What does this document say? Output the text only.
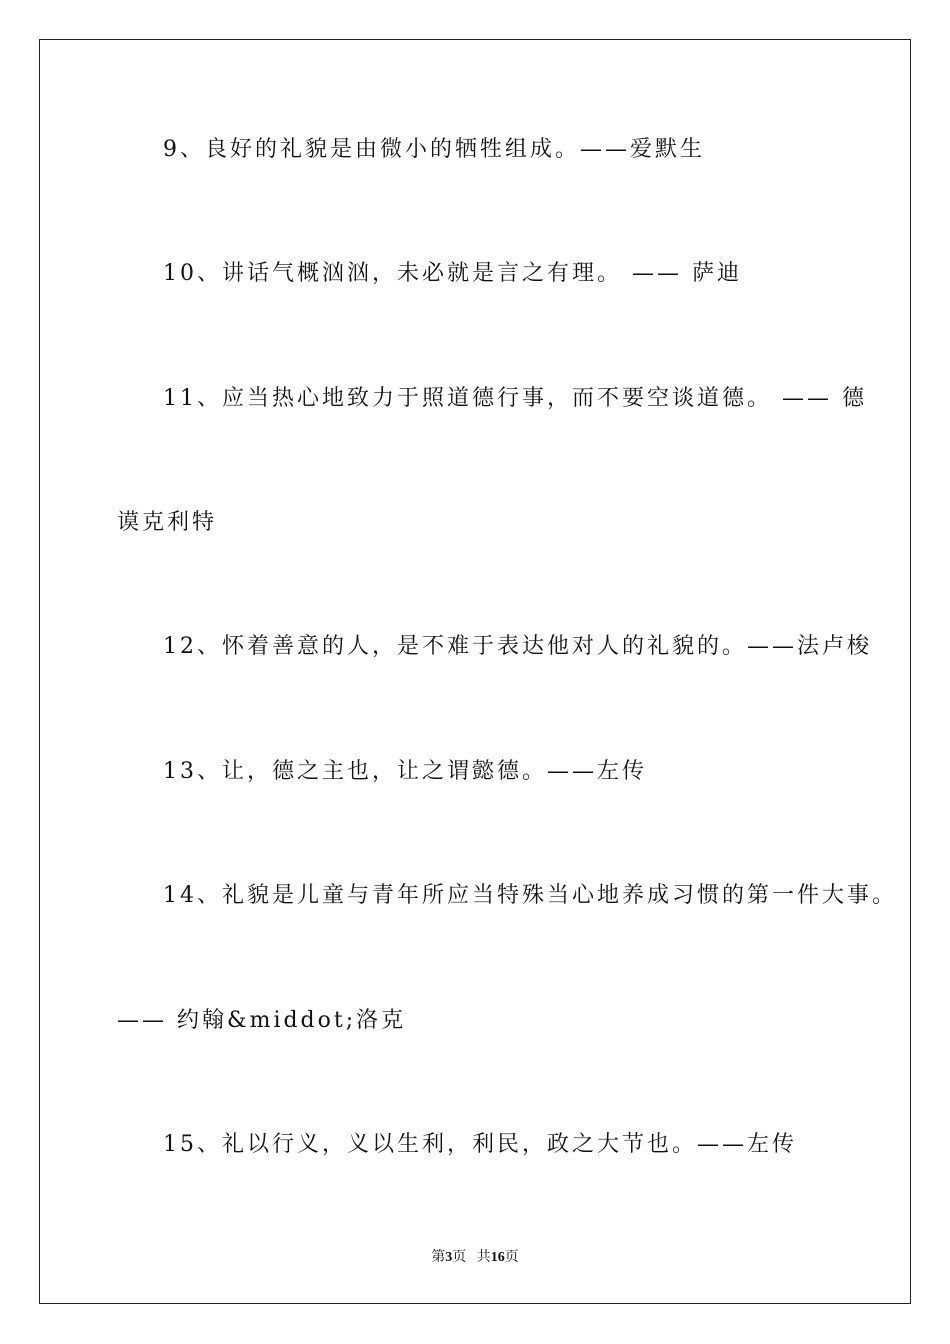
9、良好的礼貌是由微小的牺牲组成。——爱默生
10、讲话气概汹汹，未必就是言之有理。 —— 萨迪
11、应当热心地致力于照道德行事，而不要空谈道德。 —— 德
谟克利特
12、怀着善意的人，是不难于表达他对人的礼貌的。——法卢梭
13、让，德之主也，让之谓懿德。——左传
14、礼貌是儿童与青年所应当特殊当心地养成习惯的第一件大事。
—— 约翰&middot;洛克
15、礼以行义，义以生利，利民，政之大节也。——左传
第3页 共16页
